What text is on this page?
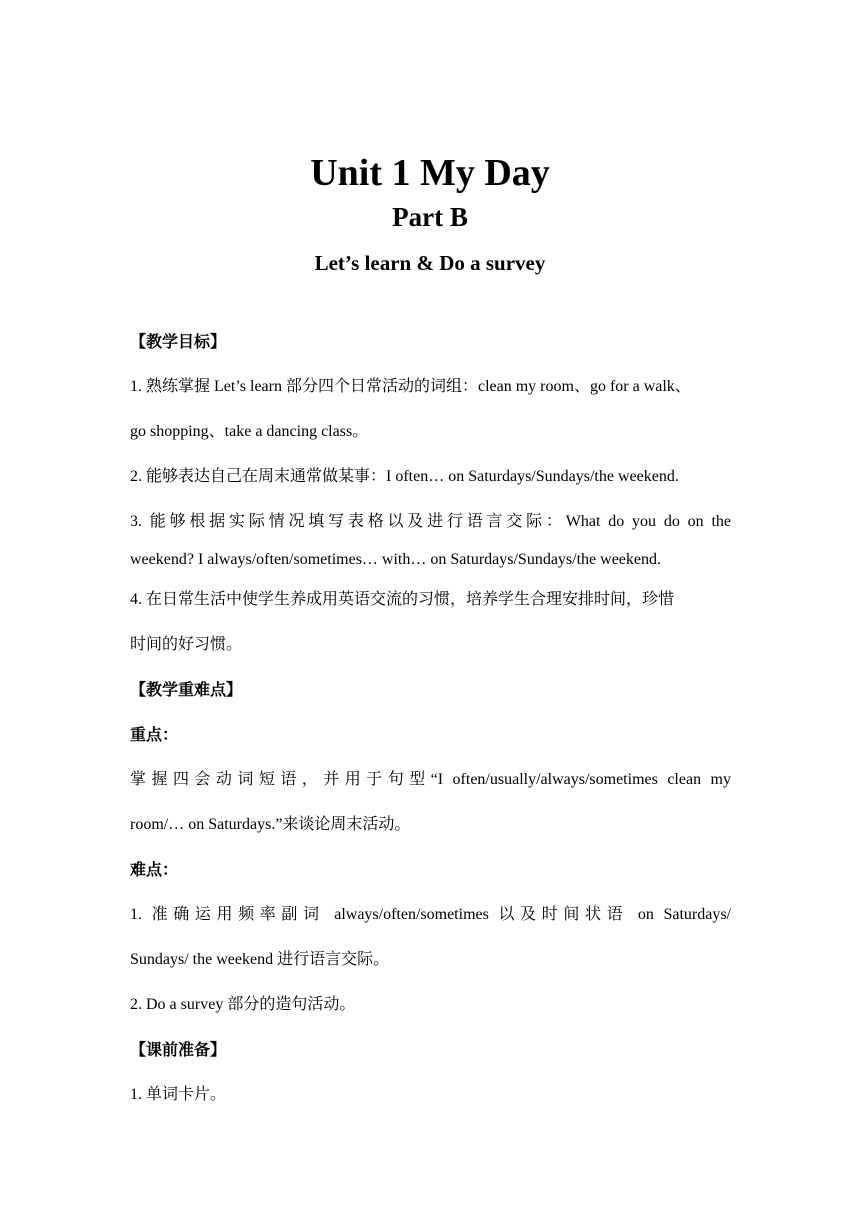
Unit 1 My Day
Part B
Let’s learn & Do a survey
【教学目标】
1. 熟练掌握 Let’s learn 部分四个日常活动的词组：clean my room、go for a walk、
go shopping、take a dancing class。
2. 能够表达自己在周末通常做某事：I often… on Saturdays/Sundays/the weekend.
3. 能够根据实际情况填写表格以及进行语言交际：What do you do on the
weekend? I always/often/sometimes… with… on Saturdays/Sundays/the weekend.
4. 在日常生活中使学生养成用英语交流的习惯，培养学生合理安排时间，珍惜
时间的好习惯。
【教学重难点】
重点：
掌握四会动词短语，并用于句型“I often/usually/always/sometimes clean my
room/… on Saturdays.”来谈论周末活动。
难点：
1. 准确运用频率副词 always/often/sometimes 以及时间状语 on Saturdays/
Sundays/ the weekend 进行语言交际。
2. Do a survey 部分的造句活动。
【课前准备】
1. 单词卡片。
